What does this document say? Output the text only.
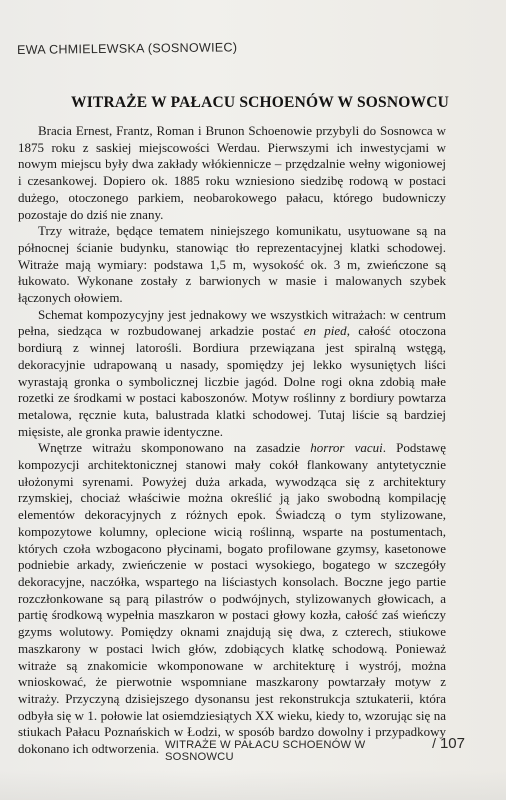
EWA CHMIELEWSKA (SOSNOWIEC)
WITRAŻE W PAŁACU SCHOENÓW W SOSNOWCU

Bracia Ernest, Frantz, Roman i Brunon Schoenowie przybyli do Sosnowca w 1875 roku z saskiej miejscowości Werdau. Pierwszymi ich inwestycjami w nowym miejscu były dwa zakłady włókiennicze – przędzalnie wełny wigoniowej i czesankowej. Dopiero ok. 1885 roku wzniesiono siedzibę rodową w postaci dużego, otoczonego parkiem, neobarokowego pałacu, którego budowniczy pozostaje do dziś nie znany.

Trzy witraże, będące tematem niniejszego komunikatu, usytuowane są na północnej ścianie budynku, stanowiąc tło reprezentacyjnej klatki schodowej. Witraże mają wymiary: podstawa 1,5 m, wysokość ok. 3 m, zwieńczone są łukowato. Wykonane zostały z barwionych w masie i malowanych szybek łączonych ołowiem.

Schemat kompozycyjny jest jednakowy we wszystkich witrażach: w centrum pełna, siedząca w rozbudowanej arkadzie postać en pied, całość otoczona bordiurą z winnej latorośli. Bordiura przewiązana jest spiralną wstęgą, dekoracyjnie udrapowaną u nasady, spomiędzy jej lekko wysuniętych liści wyrastają gronka o symbolicznej liczbie jagód. Dolne rogi okna zdobią małe rozetki ze środkami w postaci kaboszonów. Motyw roślinny z bordiury powtarza metalowa, ręcznie kuta, balustrada klatki schodowej. Tutaj liście są bardziej mięsiste, ale gronka prawie identyczne.

Wnętrze witrażu skomponowano na zasadzie horror vacui. Podstawę kompozycji architektonicznej stanowi mały cokół flankowany antytetycznie ułożonymi syrenami. Powyżej duża arkada, wywodząca się z architektury rzymskiej, chociaż właściwie można określić ją jako swobodną kompilację elementów dekoracyjnych z różnych epok. Świadczą o tym stylizowane, kompozytowe kolumny, oplecione wicią roślinną, wsparte na postumentach, których czoła wzbogacono płycinami, bogato profilowane gzymsy, kasetonowe podniebie arkady, zwieńczenie w postaci wysokiego, bogatego w szczegóły dekoracyjne, naczółka, wspartego na liściastych konsolach. Boczne jego partie rozczłonkowane są parą pilastrów o podwójnych, stylizowanych głowicach, a partię środkową wypełnia maszkaron w postaci głowy kozła, całość zaś wieńczy gzyms wolutowy. Pomiędzy oknami znajdują się dwa, z czterech, stiukowe maszkarony w postaci lwich głów, zdobiących klatkę schodową. Ponieważ witraże są znakomicie wkomponowane w architekturę i wystrój, można wnioskować, że pierwotnie wspomniane maszkarony powtarzały motyw z witraży. Przyczyną dzisiejszego dysonansu jest rekonstrukcja sztukaterii, która odbyła się w 1. połowie lat osiemdziesiątych XX wieku, kiedy to, wzorując się na stiukach Pałacu Poznańskich w Łodzi, w sposób bardzo dowolny i przypadkowy dokonano ich odtworzenia. WITRAŻE W PAŁACU SCHOENÓW W SOSNOWCU
/ 107
